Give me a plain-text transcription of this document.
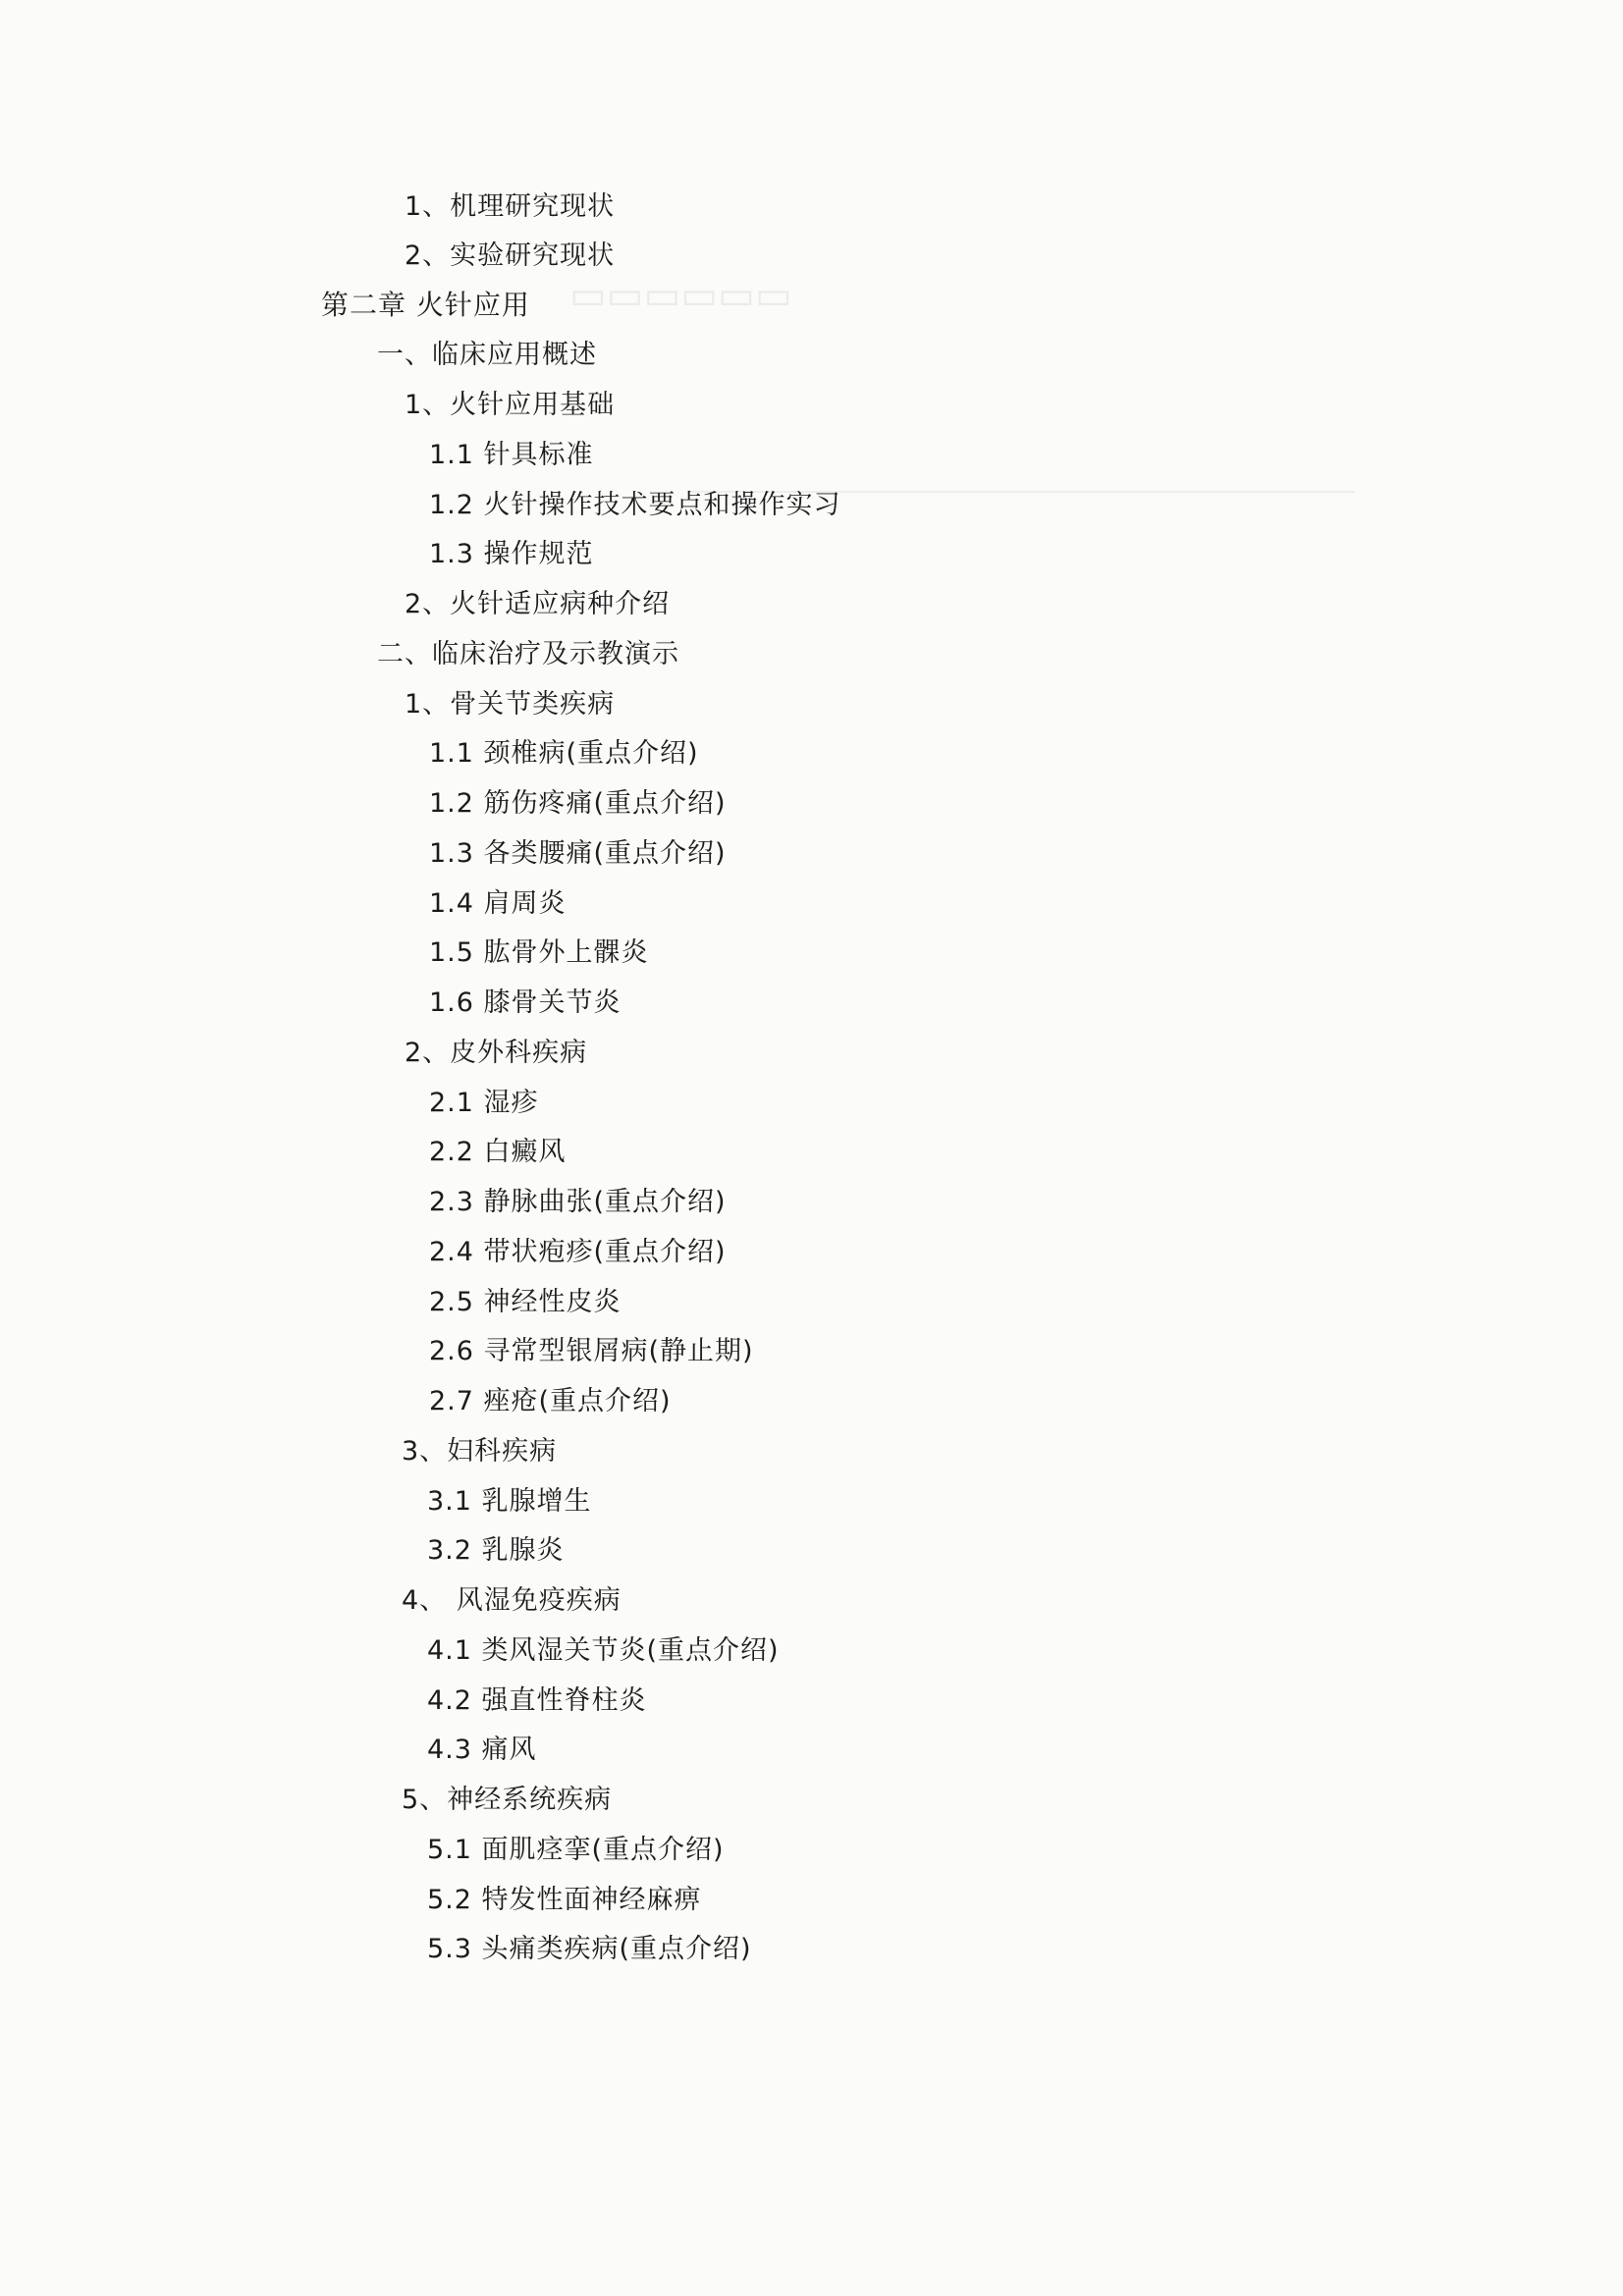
▭▭▭▭▭▭
1、机理研究现状
2、实验研究现状
第二章 火针应用
一、临床应用概述
1、火针应用基础
1.1 针具标准
1.2 火针操作技术要点和操作实习
1.3 操作规范
2、火针适应病种介绍
二、临床治疗及示教演示
1、骨关节类疾病
1.1 颈椎病(重点介绍)
1.2 筋伤疼痛(重点介绍)
1.3 各类腰痛(重点介绍)
1.4 肩周炎
1.5 肱骨外上髁炎
1.6 膝骨关节炎
2、皮外科疾病
2.1 湿疹
2.2 白癜风
2.3 静脉曲张(重点介绍)
2.4 带状疱疹(重点介绍)
2.5 神经性皮炎
2.6 寻常型银屑病(静止期)
2.7 痤疮(重点介绍)
3、妇科疾病
3.1 乳腺增生
3.2 乳腺炎
4、 风湿免疫疾病
4.1 类风湿关节炎(重点介绍)
4.2 强直性脊柱炎
4.3 痛风
5、神经系统疾病
5.1 面肌痉挛(重点介绍)
5.2 特发性面神经麻痹
5.3 头痛类疾病(重点介绍)
